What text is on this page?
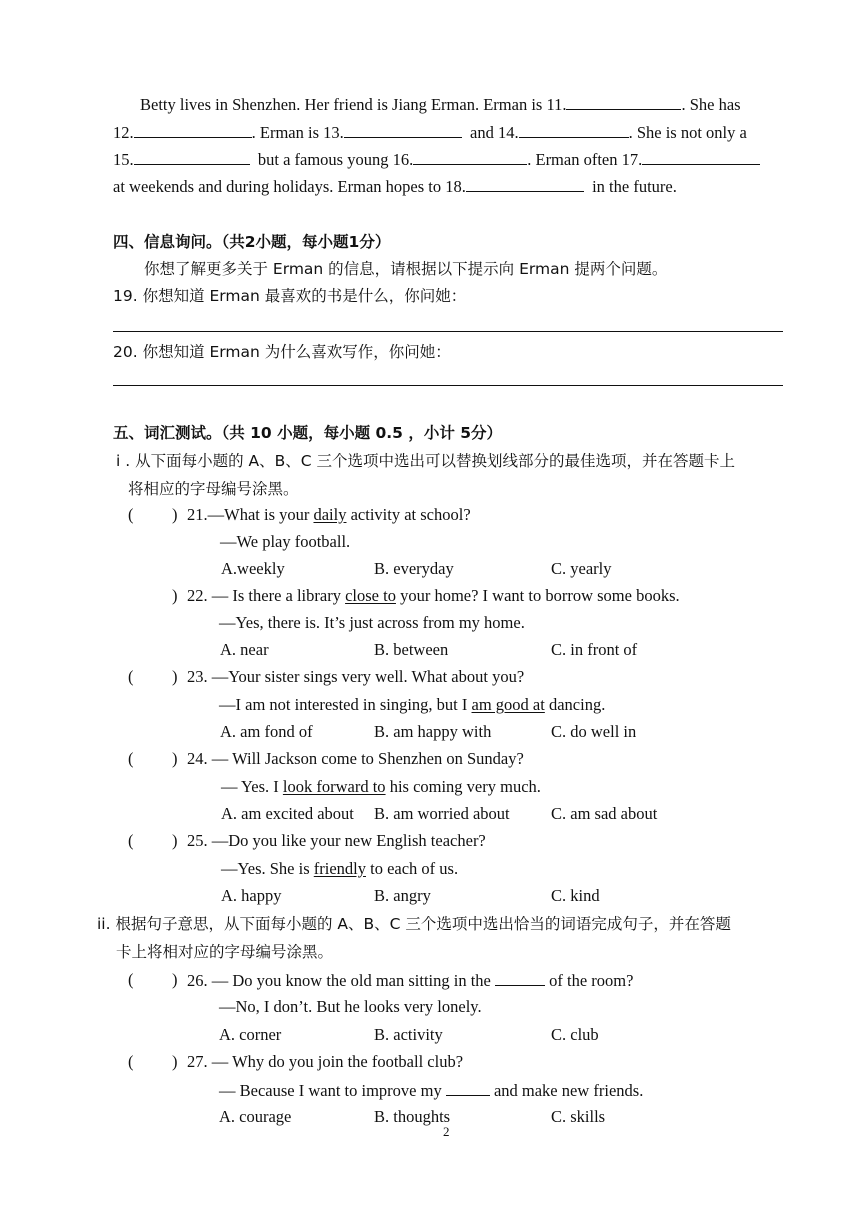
Betty lives in Shenzhen. Her friend is Jiang Erman. Erman is 11.	. She has
12.	. Erman is 13.	and 14.	. She is not only a
15.	but a famous young 16.	. Erman often 17.
at weekends and during holidays. Erman hopes to 18.	in the future.
四、信息询问。（共2小题，每小题1分）
你想了解更多关于 Erman 的信息，请根据以下提示向 Erman 提两个问题。
19. 你想知道 Erman 最喜欢的书是什么，你问她：
20. 你想知道 Erman 为什么喜欢写作，你问她：
五、词汇测试。（共 10 小题，每小题 0.5 ，小计 5分）
i . 从下面每小题的 A、B、C 三个选项中选出可以替换划线部分的最佳选项，并在答题卡上
将相应的字母编号涂黑。
( ) 21.—What is your daily activity at school?
—We play football.
A.weekly	B. everyday	C. yearly
) 22. — Is there a library close to your home? I want to borrow some books.
—Yes, there is. It’s just across from my home.
A. near	B. between	C. in front of
( ) 23. —Your sister sings very well. What about you?
—I am not interested in singing, but I am good at dancing.
A. am fond of	B. am happy with	C. do well in
( ) 24. — Will Jackson come to Shenzhen on Sunday?
— Yes. I look forward to his coming very much.
A. am excited about B. am worried about	C. am sad about
( ) 25. —Do you like your new English teacher?
—Yes. She is friendly to each of us.
A. happy	B. angry	C. kind
ii. 根据句子意思，从下面每小题的 A、B、C 三个选项中选出恰当的词语完成句子，并在答题
卡上将相对应的字母编号涂黑。
( ) 26. — Do you know the old man sitting in the	of the room?
—No, I don’t. But he looks very lonely.
A. corner	B. activity	C. club
( ) 27. — Why do you join the football club?
— Because I want to improve my	and make new friends.
A. courage	B. thoughts	C. skills
2
